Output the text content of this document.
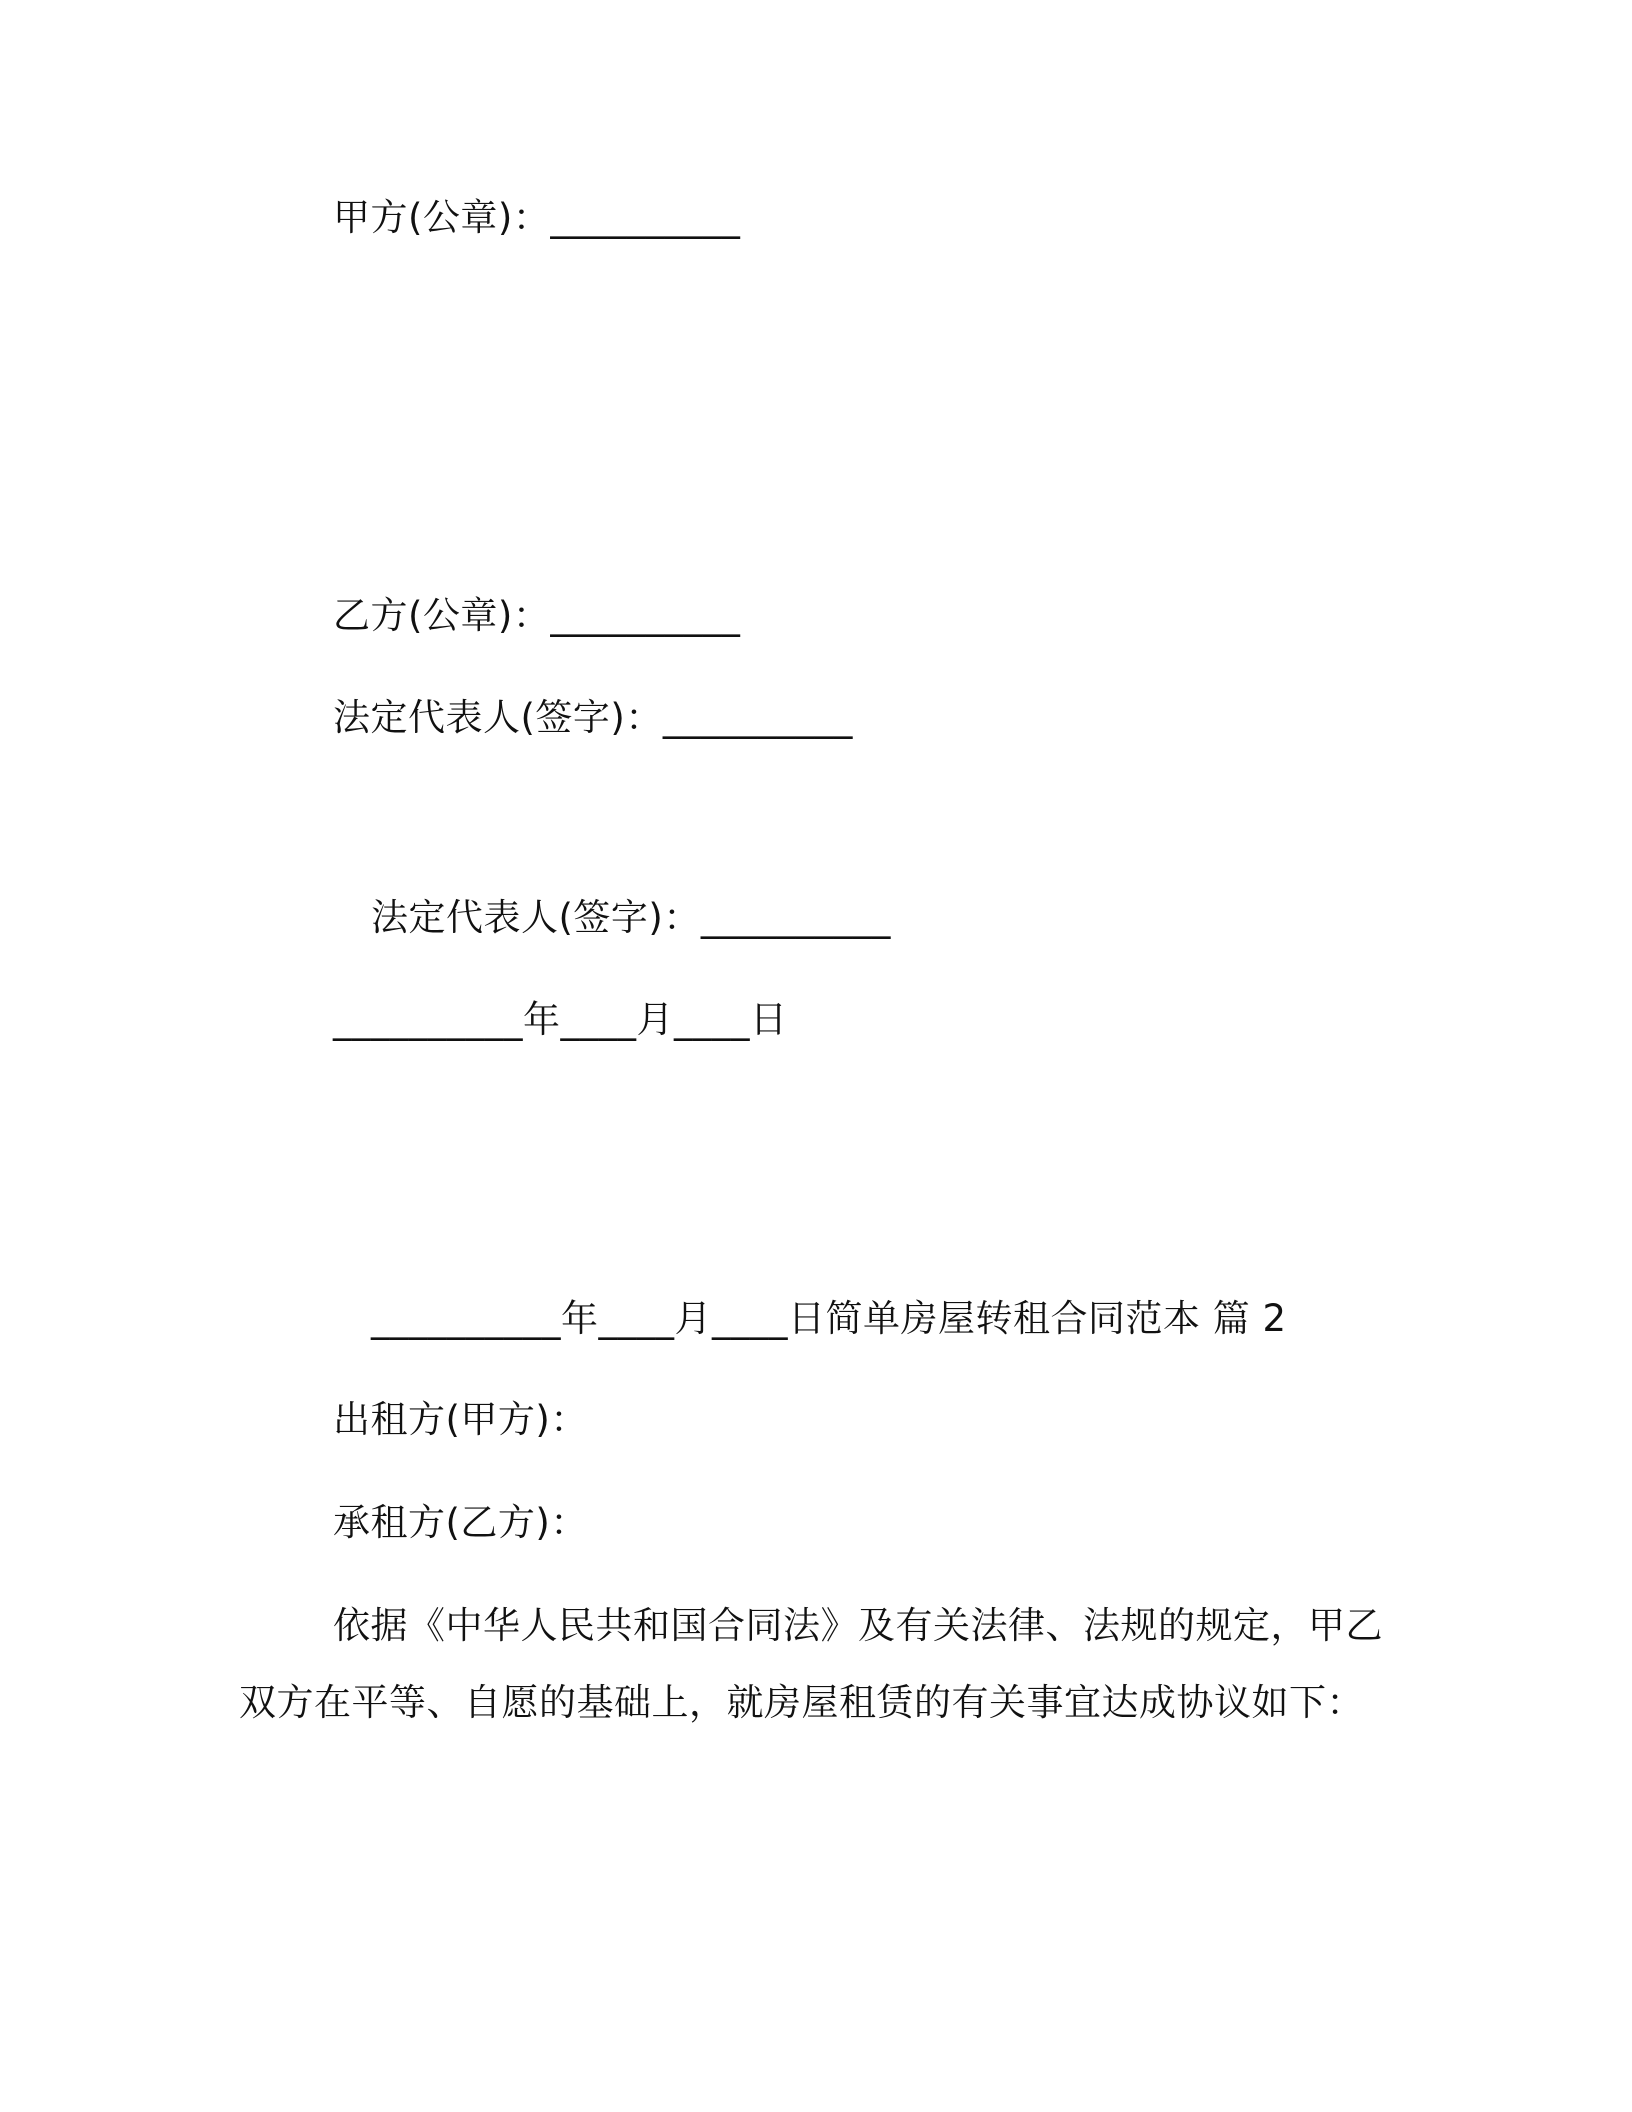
甲方(公章)：__________
乙方(公章)：__________
法定代表人(签字)：__________
法定代表人(签字)：__________
__________年____月____日
__________年____月____日简单房屋转租合同范本 篇 2
出租方(甲方)：
承租方(乙方)：
依据《中华人民共和国合同法》及有关法律、法规的规定，甲乙
双方在平等、自愿的基础上，就房屋租赁的有关事宜达成协议如下：
